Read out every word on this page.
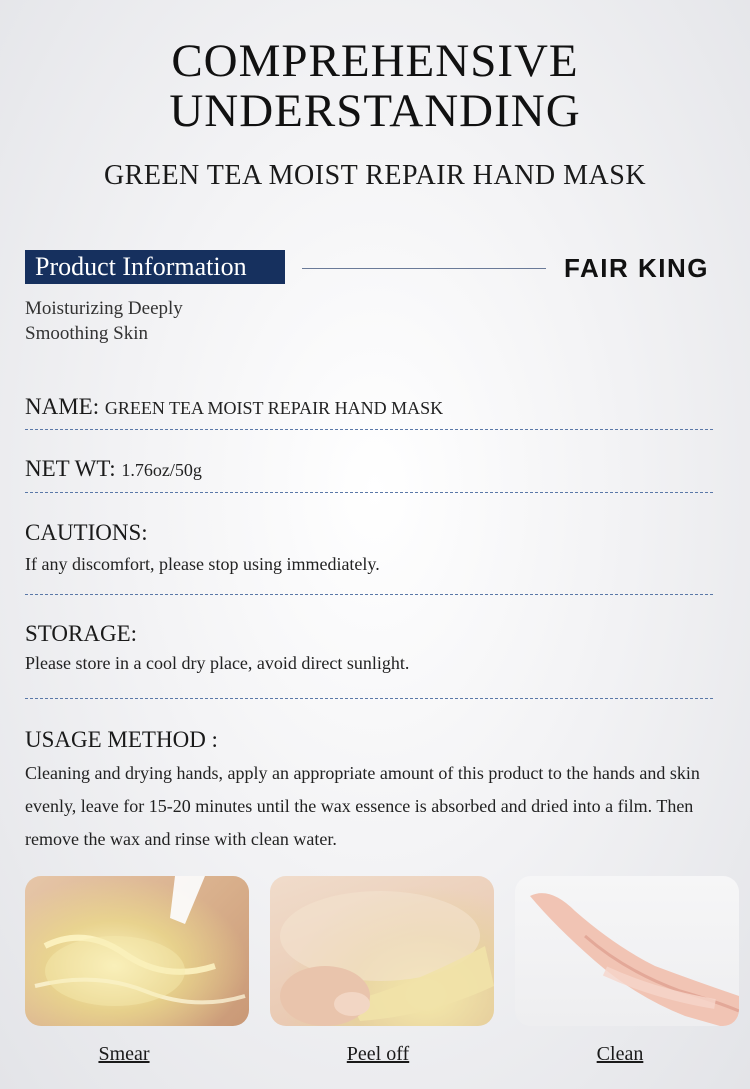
COMPREHENSIVE
UNDERSTANDING
GREEN TEA MOIST REPAIR HAND MASK
Product Information	FAIR KING
Moisturizing Deeply
Smoothing Skin
NAME: GREEN TEA MOIST REPAIR HAND MASK
NET WT: 1.76oz/50g
CAUTIONS:
If any discomfort, please stop using immediately.
STORAGE:
Please store in a cool dry place, avoid direct sunlight.
USAGE METHOD :
Cleaning and drying hands, apply an appropriate amount of this product to the hands and skin evenly, leave for 15-20 minutes until the wax essence is absorbed and dried into a film. Then remove the wax and rinse with clean water.
Smear	Peel off	Clean
